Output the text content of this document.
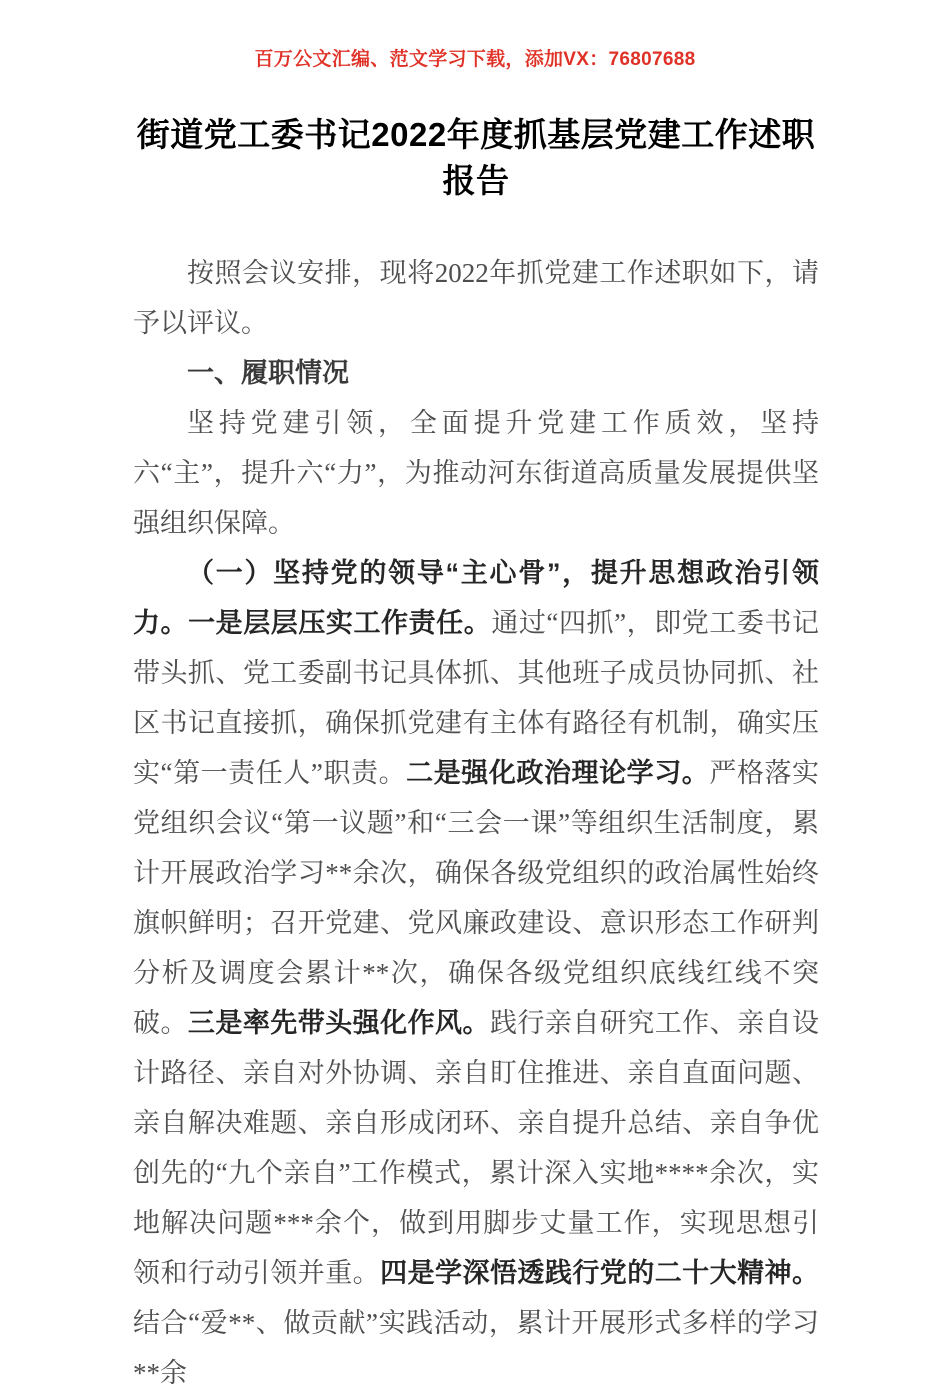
百万公文汇编、范文学习下载，添加VX：76807688
街道党工委书记2022年度抓基层党建工作述职报告

按照会议安排，现将2022年抓党建工作述职如下，请予以评议。

一、履职情况

坚持党建引领，全面提升党建工作质效，坚持六“主”，提升六“力”，为推动河东街道高质量发展提供坚强组织保障。

（一）坚持党的领导“主心骨”，提升思想政治引领力。一是层层压实工作责任。通过“四抓”，即党工委书记带头抓、党工委副书记具体抓、其他班子成员协同抓、社区书记直接抓，确保抓党建有主体有路径有机制，确实压实“第一责任人”职责。二是强化政治理论学习。严格落实党组织会议“第一议题”和“三会一课”等组织生活制度，累计开展政治学习**余次，确保各级党组织的政治属性始终旗帜鲜明；召开党建、党风廉政建设、意识形态工作研判分析及调度会累计**次，确保各级党组织底线红线不突破。三是率先带头强化作风。践行亲自研究工作、亲自设计路径、亲自对外协调、亲自盯住推进、亲自直面问题、亲自解决难题、亲自形成闭环、亲自提升总结、亲自争优创先的“九个亲自”工作模式，累计深入实地****余次，实地解决问题***余个，做到用脚步丈量工作，实现思想引领和行动引领并重。四是学深悟透践行党的二十大精神。结合“爱**、做贡献”实践活动，累计开展形式多样的学习**余
